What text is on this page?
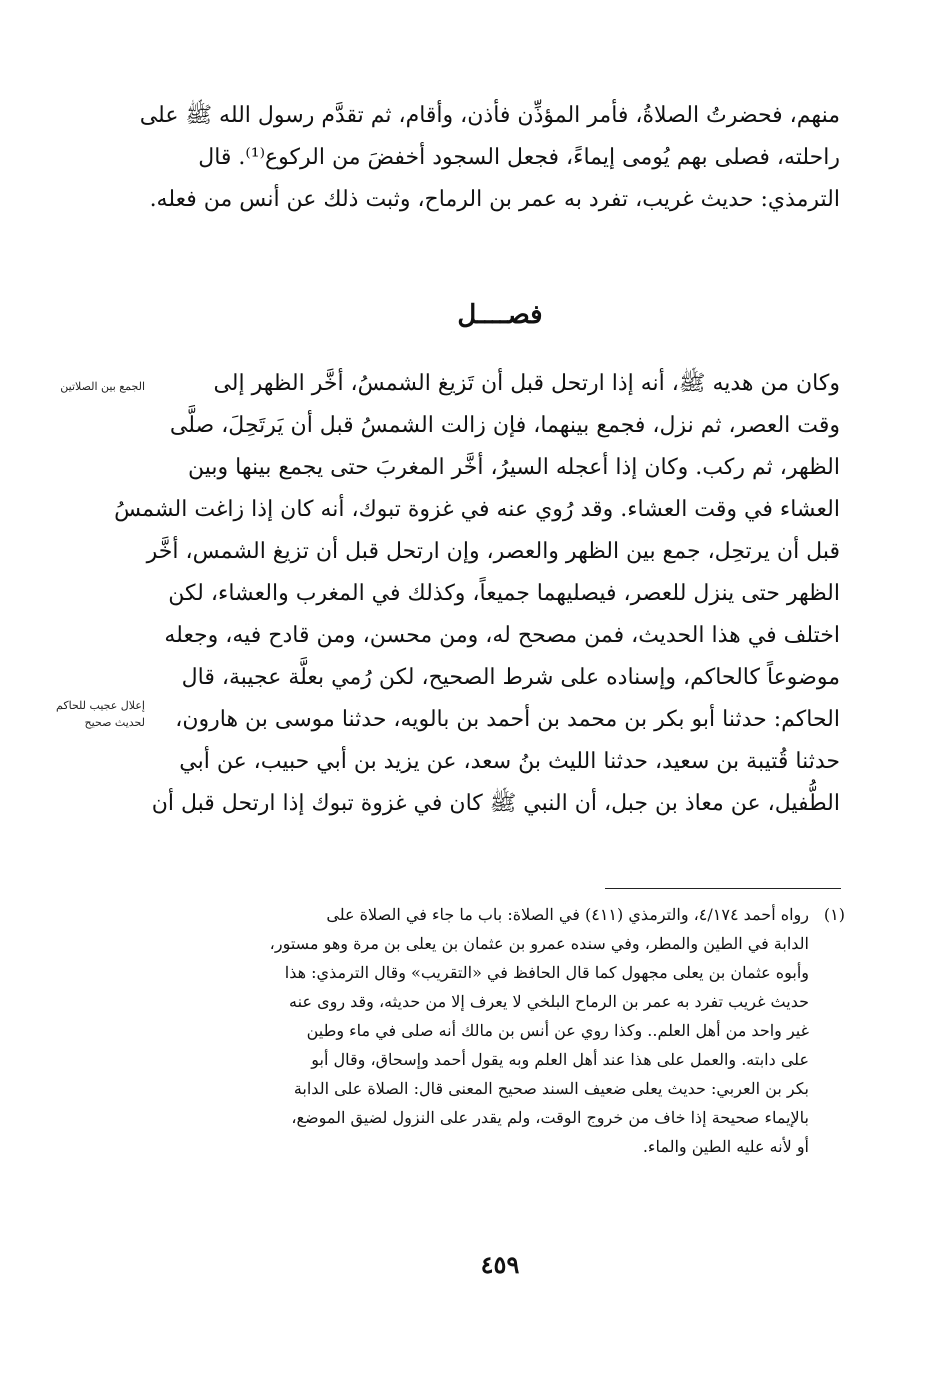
منهم، فحضرتُ الصلاةُ، فأمر المؤذِّن فأذن، وأقام، ثم تقدَّم رسول الله ﷺ على
راحلته، فصلى بهم يُومى إيماءً، فجعل السجود أخفضَ من الركوع⁽¹⁾. قال
الترمذي: حديث غريب، تفرد به عمر بن الرماح، وثبت ذلك عن أنس من فعله.
فصــــل
وكان من هديه ﷺ، أنه إذا ارتحل قبل أن تَزيغ الشمسُ، أخَّر الظهر إلى
وقت العصر، ثم نزل، فجمع بينهما، فإن زالت الشمسُ قبل أن يَرتَحِلَ، صلَّى
الظهر، ثم ركب. وكان إذا أعجله السيرُ، أخَّر المغربَ حتى يجمع بينها وبين
العشاء في وقت العشاء. وقد رُوي عنه في غزوة تبوك، أنه كان إذا زاغت الشمسُ
قبل أن يرتحِل، جمع بين الظهر والعصر، وإن ارتحل قبل أن تزيغ الشمس، أخَّر
الظهر حتى ينزل للعصر، فيصليهما جميعاً، وكذلك في المغرب والعشاء، لكن
اختلف في هذا الحديث، فمن مصحح له، ومن محسن، ومن قادح فيه، وجعله
موضوعاً كالحاكم، وإسناده على شرط الصحيح، لكن رُمي بعلَّة عجيبة، قال
الحاكم: حدثنا أبو بكر بن محمد بن أحمد بن بالويه، حدثنا موسى بن هارون،
حدثنا قُتيبة بن سعيد، حدثنا الليث بنُ سعد، عن يزيد بن أبي حبيب، عن أبي
الطُّفيل، عن معاذ بن جبل، أن النبي ﷺ كان في غزوة تبوك إذا ارتحل قبل أن
الجمع بين الصلاتين
إعلال عجيب للحاكم
لحديث صحيح
(١)رواه أحمد ٤/١٧٤، والترمذي (٤١١) في الصلاة: باب ما جاء في الصلاة على
الدابة في الطين والمطر، وفي سنده عمرو بن عثمان بن يعلى بن مرة وهو مستور،
وأبوه عثمان بن يعلى مجهول كما قال الحافظ في «التقريب» وقال الترمذي: هذا
حديث غريب تفرد به عمر بن الرماح البلخي لا يعرف إلا من حديثه، وقد روى عنه
غير واحد من أهل العلم.. وكذا روي عن أنس بن مالك أنه صلى في ماء وطين
على دابته. والعمل على هذا عند أهل العلم وبه يقول أحمد وإسحاق، وقال أبو
بكر بن العربي: حديث يعلى ضعيف السند صحيح المعنى قال: الصلاة على الدابة
بالإيماء صحيحة إذا خاف من خروج الوقت، ولم يقدر على النزول لضيق الموضع،
أو لأنه عليه الطين والماء.
٤٥٩
